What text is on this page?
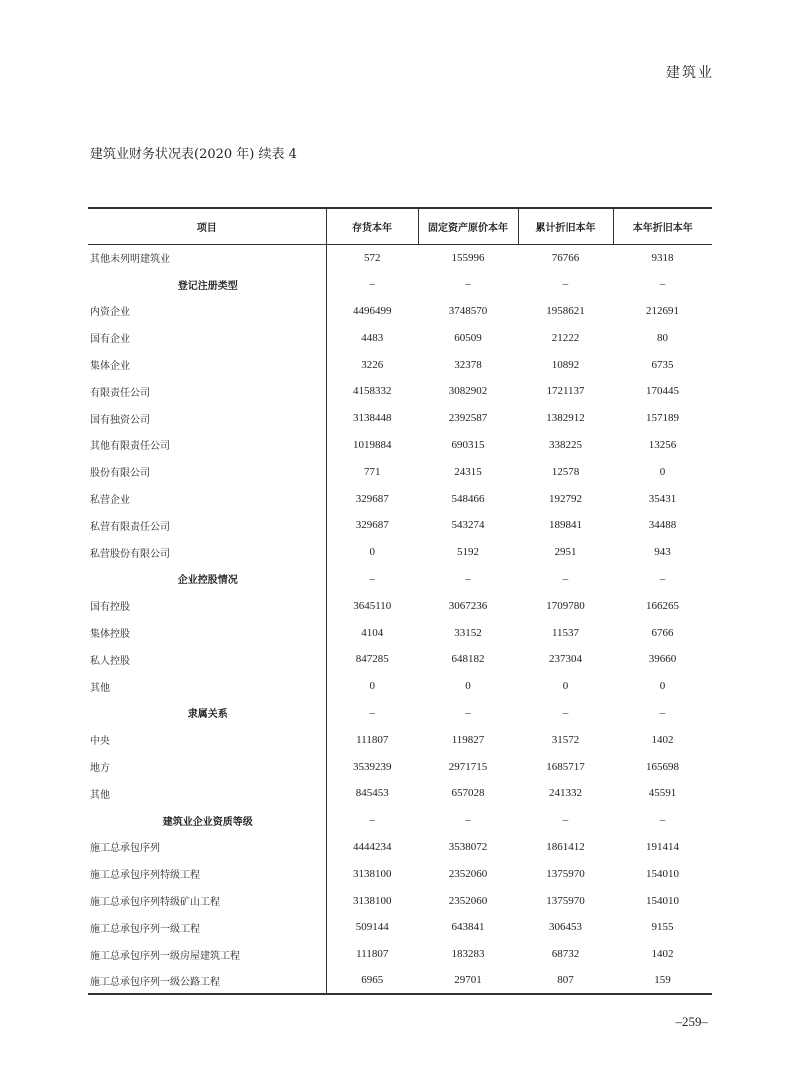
建筑业
建筑业财务状况表(2020 年) 续表 4
项目	存货本年	固定资产原价本年	累计折旧本年	本年折旧本年
其他未列明建筑业	572	155996	76766	9318
登记注册类型	–	–	–	–
内资企业	4496499	3748570	1958621	212691
国有企业	4483	60509	21222	80
集体企业	3226	32378	10892	6735
有限责任公司	4158332	3082902	1721137	170445
国有独资公司	3138448	2392587	1382912	157189
其他有限责任公司	1019884	690315	338225	13256
股份有限公司	771	24315	12578	0
私营企业	329687	548466	192792	35431
私营有限责任公司	329687	543274	189841	34488
私营股份有限公司	0	5192	2951	943
企业控股情况	–	–	–	–
国有控股	3645110	3067236	1709780	166265
集体控股	4104	33152	11537	6766
私人控股	847285	648182	237304	39660
其他	0	0	0	0
隶属关系	–	–	–	–
中央	111807	119827	31572	1402
地方	3539239	2971715	1685717	165698
其他	845453	657028	241332	45591
建筑业企业资质等级	–	–	–	–
施工总承包序列	4444234	3538072	1861412	191414
施工总承包序列特级工程	3138100	2352060	1375970	154010
施工总承包序列特级矿山工程	3138100	2352060	1375970	154010
施工总承包序列一级工程	509144	643841	306453	9155
施工总承包序列一级房屋建筑工程	111807	183283	68732	1402
施工总承包序列一级公路工程	6965	29701	807	159
–259–
